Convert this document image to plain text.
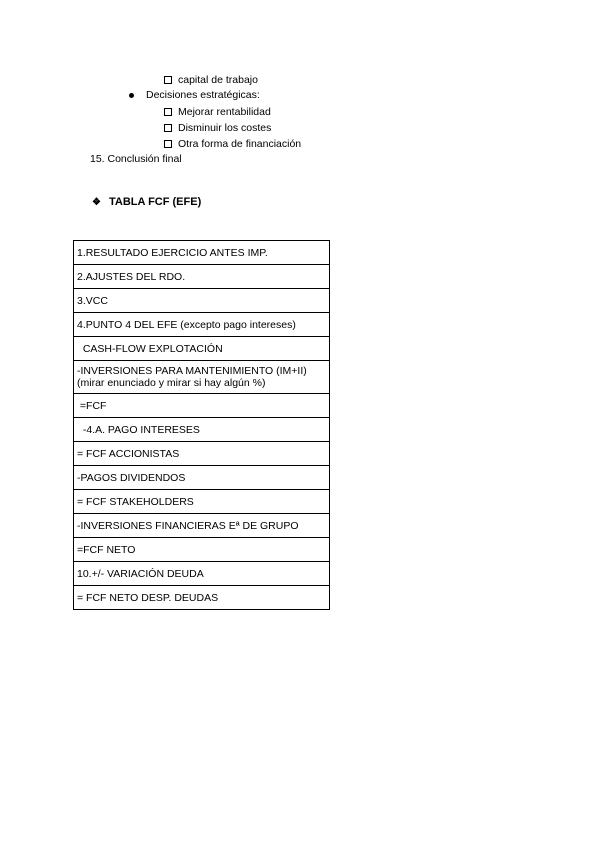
capital de trabajo
Decisiones estratégicas:
Mejorar rentabilidad
Disminuir los costes
Otra forma de financiación
15. Conclusión final
❖ TABLA FCF (EFE)
1.RESULTADO EJERCICIO ANTES IMP.
2.AJUSTES DEL RDO.
3.VCC
4.PUNTO 4 DEL EFE (excepto pago intereses)
CASH-FLOW EXPLOTACIÓN

-INVERSIONES PARA MANTENIMIENTO (IM+II)
(mirar enunciado y mirar si hay algún %)

=FCF
-4.A. PAGO INTERESES
= FCF ACCIONISTAS
-PAGOS DIVIDENDOS
= FCF STAKEHOLDERS
-INVERSIONES FINANCIERAS Eª DE GRUPO
=FCF NETO
10.+/- VARIACIÓN DEUDA
= FCF NETO DESP. DEUDAS
